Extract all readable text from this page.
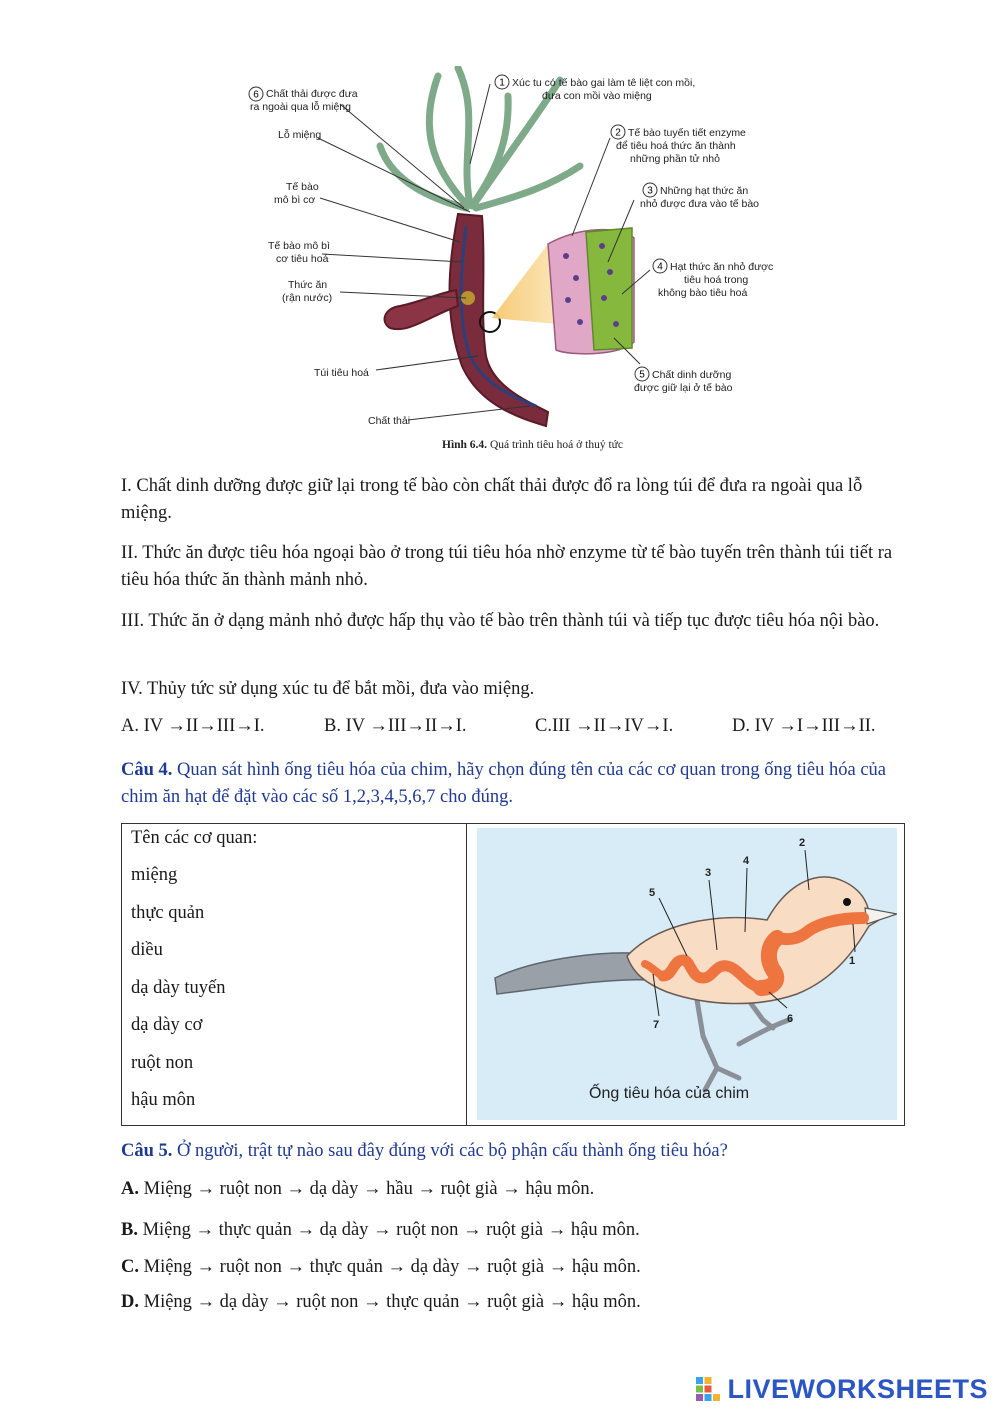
6
1
2
3
4
5
Chất thải được đưa
ra ngoài qua lỗ miệng
Lỗ miệng
Tế bào
mô bì cơ
Tế bào mô bì
cơ tiêu hoá
Thức ăn
(rận nước)
Túi tiêu hoá
Chất thải
Xúc tu có tế bào gai làm tê liệt con mồi,
đưa con mồi vào miệng
Tế bào tuyến tiết enzyme
để tiêu hoá thức ăn thành
những phần tử nhỏ
Những hạt thức ăn
nhỏ được đưa vào tế bào
Hạt thức ăn nhỏ được
tiêu hoá trong
không bào tiêu hoá
Chất dinh dưỡng
được giữ lại ở tế bào
Hình 6.4. Quá trình tiêu hoá ở thuỷ tức

I. Chất dinh dưỡng được giữ lại trong tế bào còn chất thải được đổ ra lòng túi để đưa ra ngoài qua lỗ miệng.

II. Thức ăn được tiêu hóa ngoại bào ở trong túi tiêu hóa nhờ enzyme từ tế bào tuyến trên thành túi tiết ra tiêu hóa thức ăn thành mảnh nhỏ.

III. Thức ăn ở dạng mảnh nhỏ được hấp thụ vào tế bào trên thành túi và tiếp tục được tiêu hóa nội bào.

IV. Thủy tức sử dụng xúc tu để bắt mồi, đưa vào miệng.

A. IV →II→III→I.	B. IV →III→II→I.	C.III →II→IV→I.	D. IV →I→III→II.

Câu 4. Quan sát hình ống tiêu hóa của chim, hãy chọn đúng tên của các cơ quan trong ống tiêu hóa của chim ăn hạt để đặt vào các số 1,2,3,4,5,6,7 cho đúng.

Tên các cơ quan:
miệng
thực quản
diều
dạ dày tuyến
dạ dày cơ
ruột non
hậu môn
1
2
3
4
5
6
7
Ống tiêu hóa của chim

Câu 5. Ở người, trật tự nào sau đây đúng với các bộ phận cấu thành ống tiêu hóa?

A. Miệng → ruột non → dạ dày → hầu → ruột già → hậu môn.
B. Miệng → thực quản → dạ dày → ruột non → ruột già → hậu môn.
C. Miệng → ruột non → thực quản → dạ dày → ruột già → hậu môn.
D. Miệng → dạ dày → ruột non → thực quản → ruột già → hậu môn.
LIVEWORKSHEETS
